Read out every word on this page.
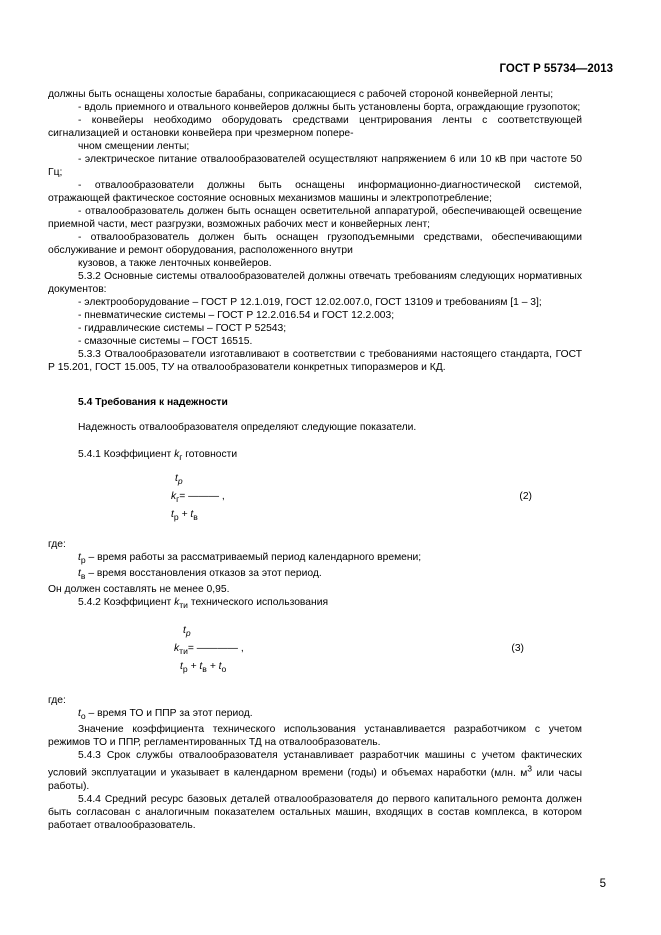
ГОСТ Р 55734—2013

должны быть оснащены холостые барабаны, соприкасающиеся с рабочей стороной конвейерной ленты;

- вдоль приемного и отвального конвейеров должны быть установлены борта, ограждающие грузопоток;

- конвейеры необходимо оборудовать средствами центрирования ленты с соответствующей сигнализацией и остановки конвейера при чрезмерном попере-

чном смещении ленты;

- электрическое питание отвалообразователей осуществляют напряжением 6 или 10 кВ при частоте 50 Гц;

- отвалообразователи должны быть оснащены информационно-диагностической системой, отражающей фактическое состояние основных механизмов машины и электропотребление;

- отвалообразователь должен быть оснащен осветительной аппаратурой, обеспечивающей освещение приемной части, мест разгрузки, возможных рабочих мест и конвейерных лент;

- отвалообразователь должен быть оснащен грузоподъемными средствами, обеспечивающими обслуживание и ремонт оборудования, расположенного внутри

кузовов, а также ленточных конвейеров.

5.3.2 Основные системы отвалообразователей должны отвечать требованиям следующих нормативных документов:

- электрооборудование – ГОСТ Р 12.1.019, ГОСТ 12.02.007.0, ГОСТ 13109 и требованиям [1 – 3];

- пневматические системы – ГОСТ Р 12.2.016.54 и ГОСТ 12.2.003;

- гидравлические системы – ГОСТ Р 52543;

- смазочные системы – ГОСТ 16515.

5.3.3 Отвалообразователи изготавливают в соответствии с требованиями настоящего стандарта, ГОСТ Р 15.201, ГОСТ 15.005, ТУ на отвалообразователи конкретных типоразмеров и КД.

5.4 Требования к надежности

Надежность отвалообразователя определяют следующие показатели.

5.4.1 Коэффициент $k_г$ готовности

$t_р$
$k_г=$ ——— ,
$t_р + t_в$
(2)

где:

$t_р$ – время работы за рассматриваемый период календарного времени;

$t_в$ – время восстановления отказов за этот период.

Он должен составлять не менее 0,95.

5.4.2 Коэффициент $k_{ти}$ технического использования

$t_р$
$k_{ти}=$ ———— ,
$t_р + t_в + t_о$
(3)

где:

$t_о$ – время ТО и ППР за этот период.

Значение коэффициента технического использования устанавливается разработчиком с учетом режимов ТО и ППР, регламентированных ТД на отвалообразователь.

5.4.3 Срок службы отвалообразователя устанавливает разработчик машины с учетом фактических условий эксплуатации и указывает в календарном времени (годы) и объемах наработки (млн. $м^3$ или часы работы).

5.4.4 Средний ресурс базовых деталей отвалообразователя до первого капитального ремонта должен быть согласован с аналогичным показателем остальных машин, входящих в состав комплекса, в котором работает отвалообразователь.

5
